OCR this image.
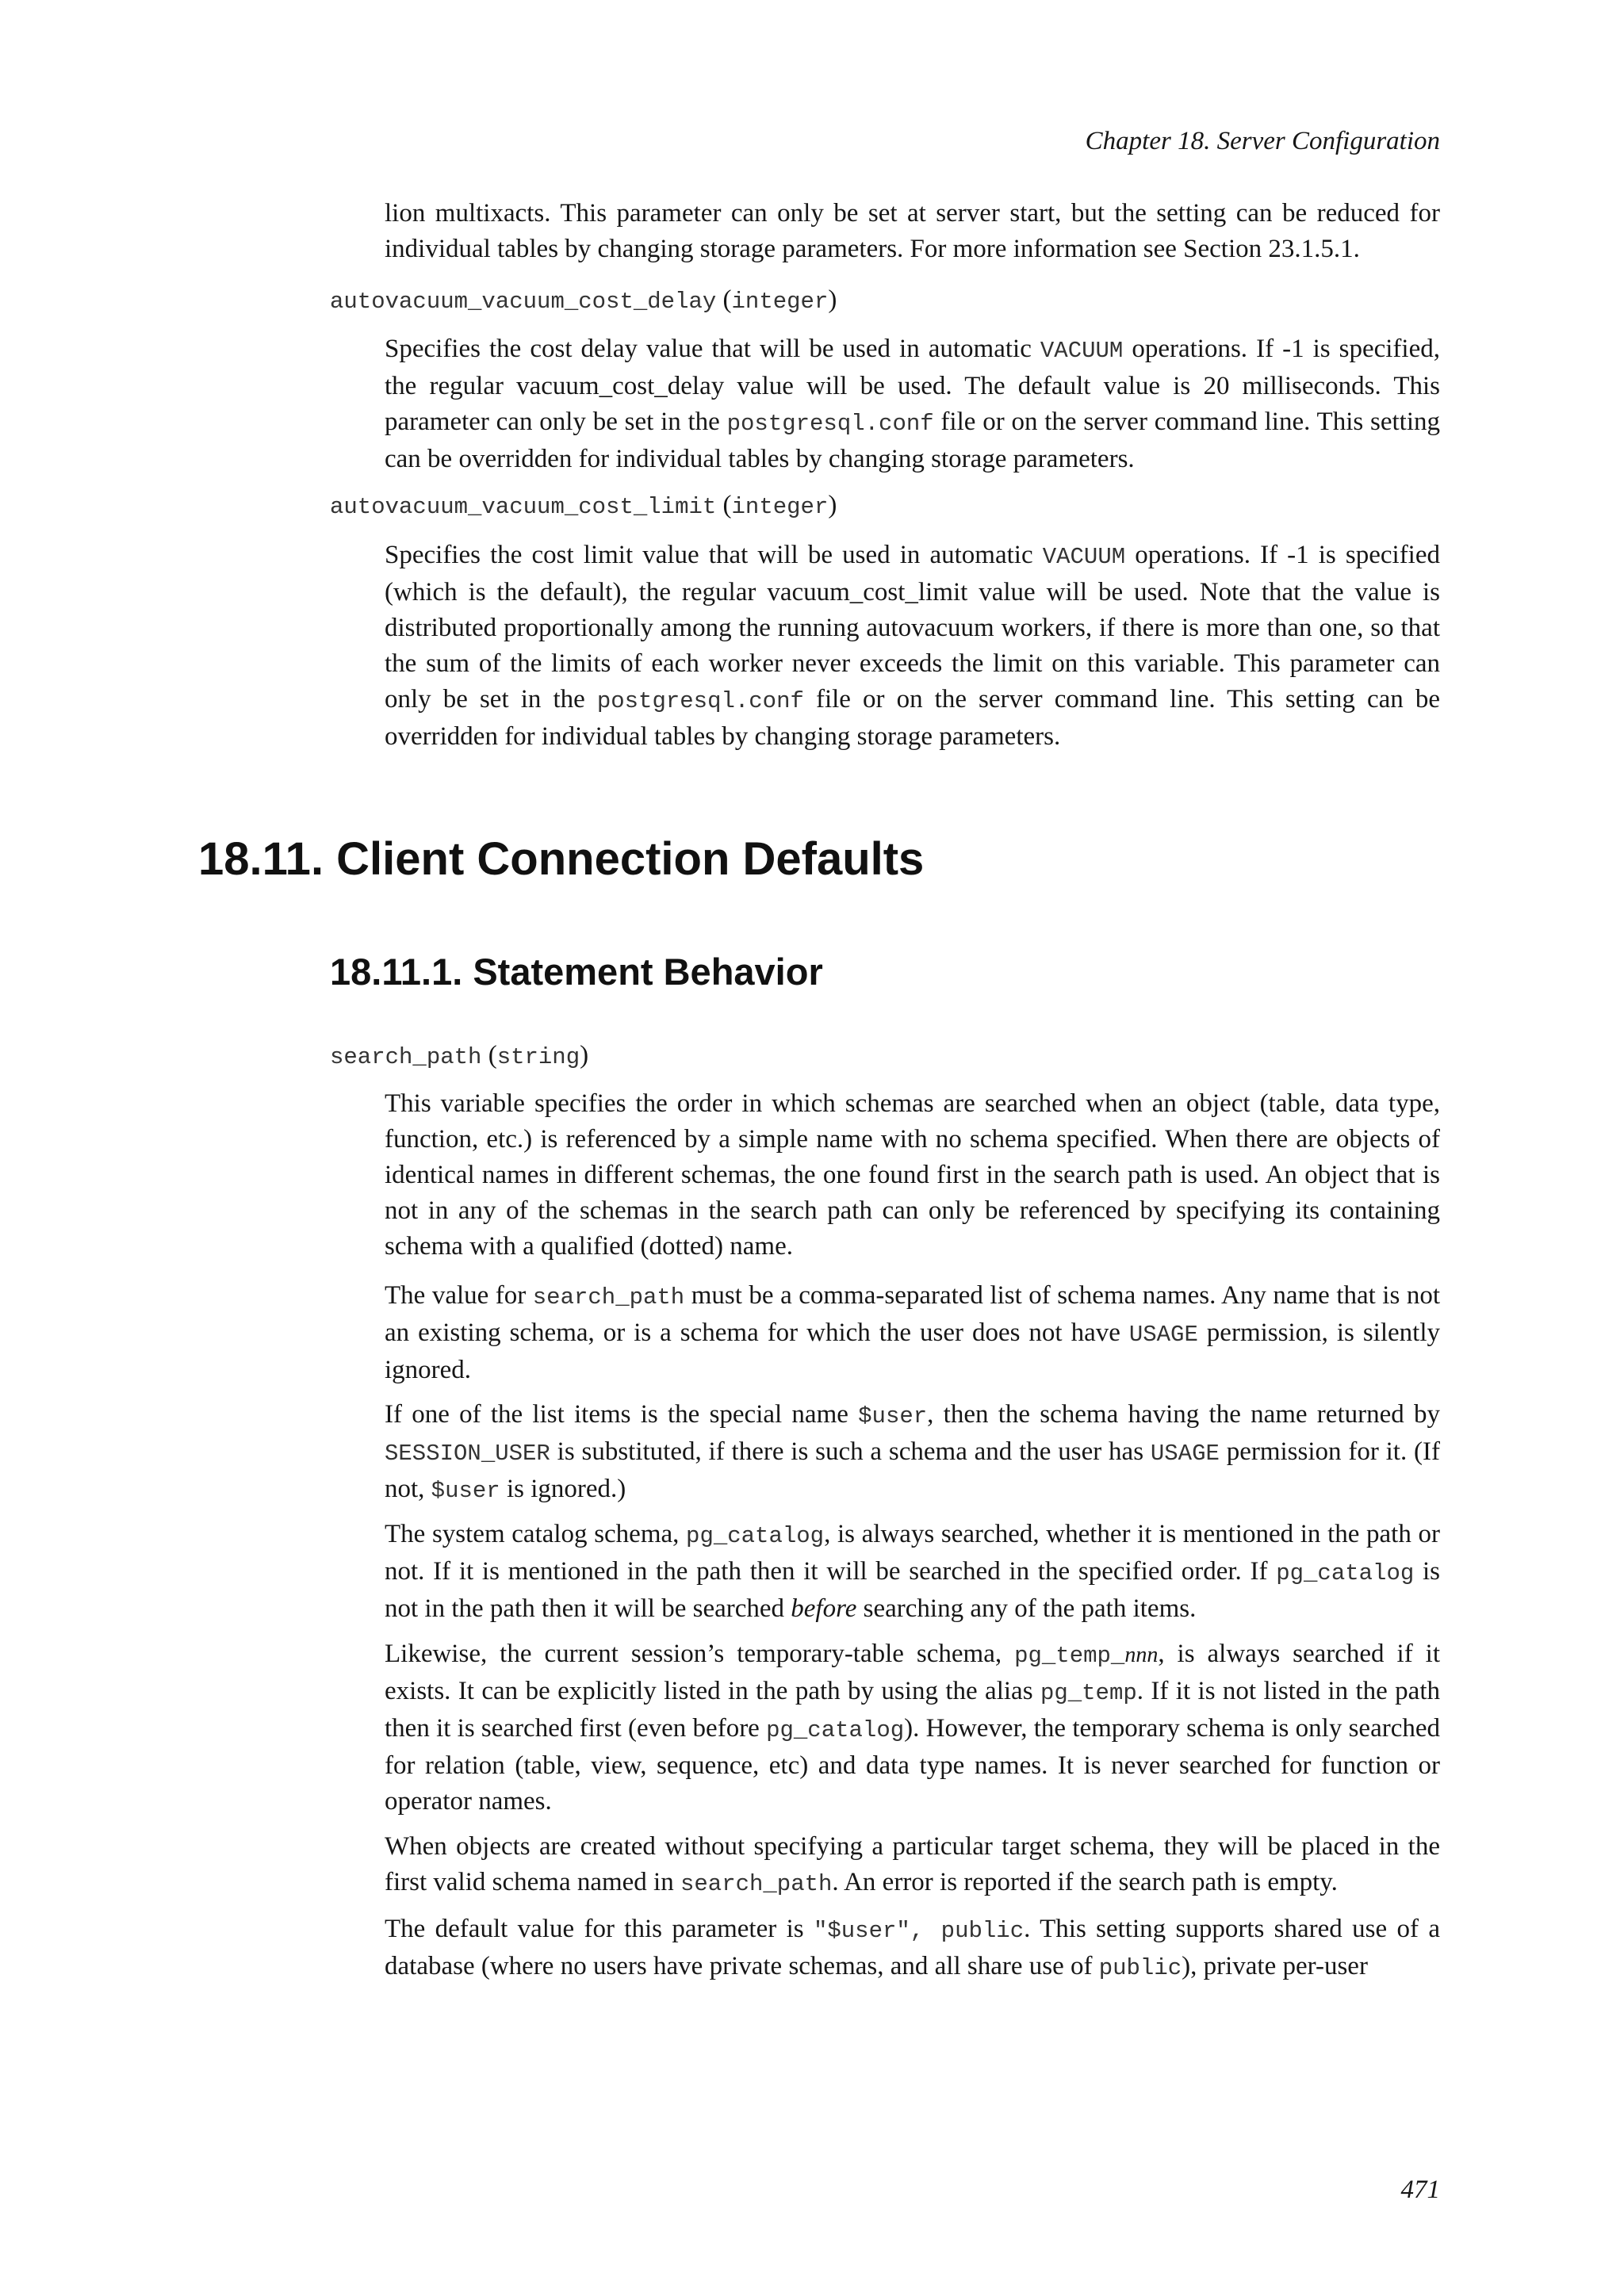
Chapter 18. Server Configuration
lion multixacts. This parameter can only be set at server start, but the setting can be reduced for individual tables by changing storage parameters. For more information see Section 23.1.5.1.
autovacuum_vacuum_cost_delay (integer)
Specifies the cost delay value that will be used in automatic VACUUM operations. If -1 is specified, the regular vacuum_cost_delay value will be used. The default value is 20 milliseconds. This parameter can only be set in the postgresql.conf file or on the server command line. This setting can be overridden for individual tables by changing storage parameters.
autovacuum_vacuum_cost_limit (integer)
Specifies the cost limit value that will be used in automatic VACUUM operations. If -1 is specified (which is the default), the regular vacuum_cost_limit value will be used. Note that the value is distributed proportionally among the running autovacuum workers, if there is more than one, so that the sum of the limits of each worker never exceeds the limit on this variable. This parameter can only be set in the postgresql.conf file or on the server command line. This setting can be overridden for individual tables by changing storage parameters.
18.11. Client Connection Defaults
18.11.1. Statement Behavior
search_path (string)
This variable specifies the order in which schemas are searched when an object (table, data type, function, etc.) is referenced by a simple name with no schema specified. When there are objects of identical names in different schemas, the one found first in the search path is used. An object that is not in any of the schemas in the search path can only be referenced by specifying its containing schema with a qualified (dotted) name.
The value for search_path must be a comma-separated list of schema names. Any name that is not an existing schema, or is a schema for which the user does not have USAGE permission, is silently ignored.
If one of the list items is the special name $user, then the schema having the name returned by SESSION_USER is substituted, if there is such a schema and the user has USAGE permission for it. (If not, $user is ignored.)
The system catalog schema, pg_catalog, is always searched, whether it is mentioned in the path or not. If it is mentioned in the path then it will be searched in the specified order. If pg_catalog is not in the path then it will be searched before searching any of the path items.
Likewise, the current session’s temporary-table schema, pg_temp_nnn, is always searched if it exists. It can be explicitly listed in the path by using the alias pg_temp. If it is not listed in the path then it is searched first (even before pg_catalog). However, the temporary schema is only searched for relation (table, view, sequence, etc) and data type names. It is never searched for function or operator names.
When objects are created without specifying a particular target schema, they will be placed in the first valid schema named in search_path. An error is reported if the search path is empty.
The default value for this parameter is "$user", public. This setting supports shared use of a database (where no users have private schemas, and all share use of public), private per-user
471
